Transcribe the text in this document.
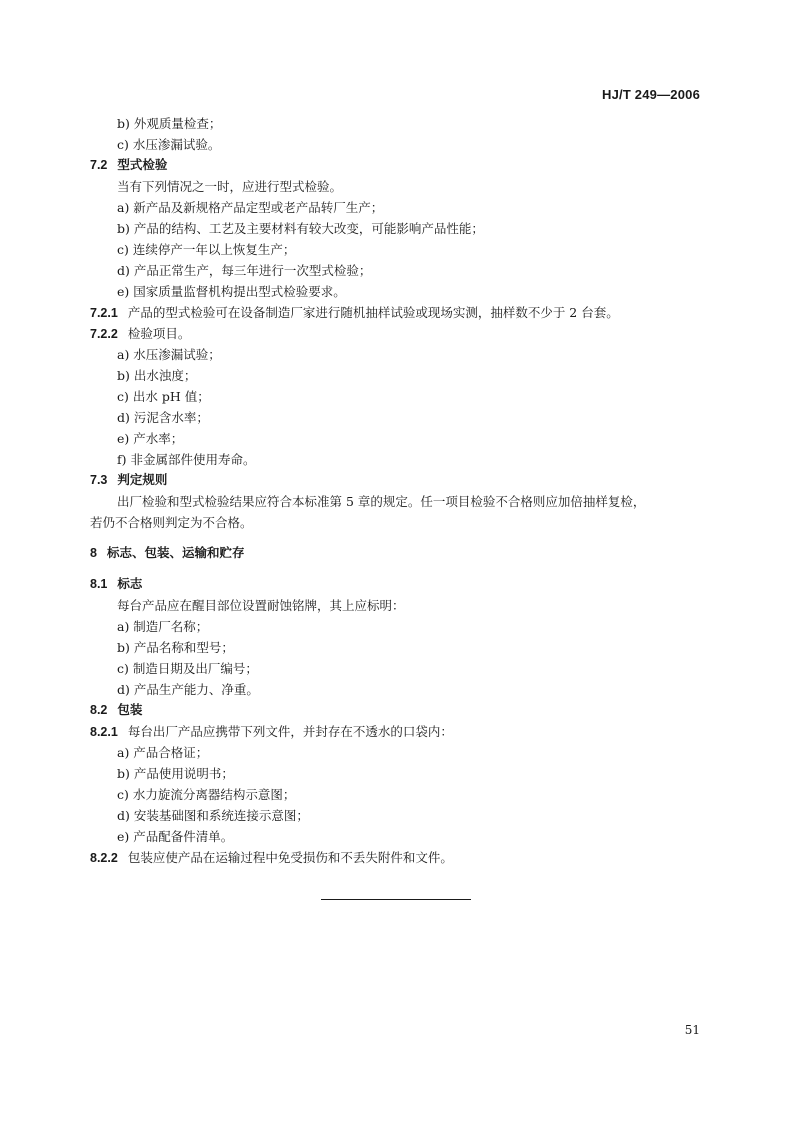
HJ/T 249—2006
b) 外观质量检查；
c) 水压渗漏试验。
7.2 型式检验
当有下列情况之一时，应进行型式检验。
a) 新产品及新规格产品定型或老产品转厂生产；
b) 产品的结构、工艺及主要材料有较大改变，可能影响产品性能；
c) 连续停产一年以上恢复生产；
d) 产品正常生产，每三年进行一次型式检验；
e) 国家质量监督机构提出型式检验要求。
7.2.1 产品的型式检验可在设备制造厂家进行随机抽样试验或现场实测，抽样数不少于 2 台套。
7.2.2 检验项目。
a) 水压渗漏试验；
b) 出水浊度；
c) 出水 pH 值；
d) 污泥含水率；
e) 产水率；
f) 非金属部件使用寿命。
7.3 判定规则
出厂检验和型式检验结果应符合本标准第 5 章的规定。任一项目检验不合格则应加倍抽样复检，
若仍不合格则判定为不合格。
8 标志、包装、运输和贮存
8.1 标志
每台产品应在醒目部位设置耐蚀铭牌，其上应标明：
a) 制造厂名称；
b) 产品名称和型号；
c) 制造日期及出厂编号；
d) 产品生产能力、净重。
8.2 包装
8.2.1 每台出厂产品应携带下列文件，并封存在不透水的口袋内：
a) 产品合格证；
b) 产品使用说明书；
c) 水力旋流分离器结构示意图；
d) 安装基础图和系统连接示意图；
e) 产品配备件清单。
8.2.2 包装应使产品在运输过程中免受损伤和不丢失附件和文件。
51
